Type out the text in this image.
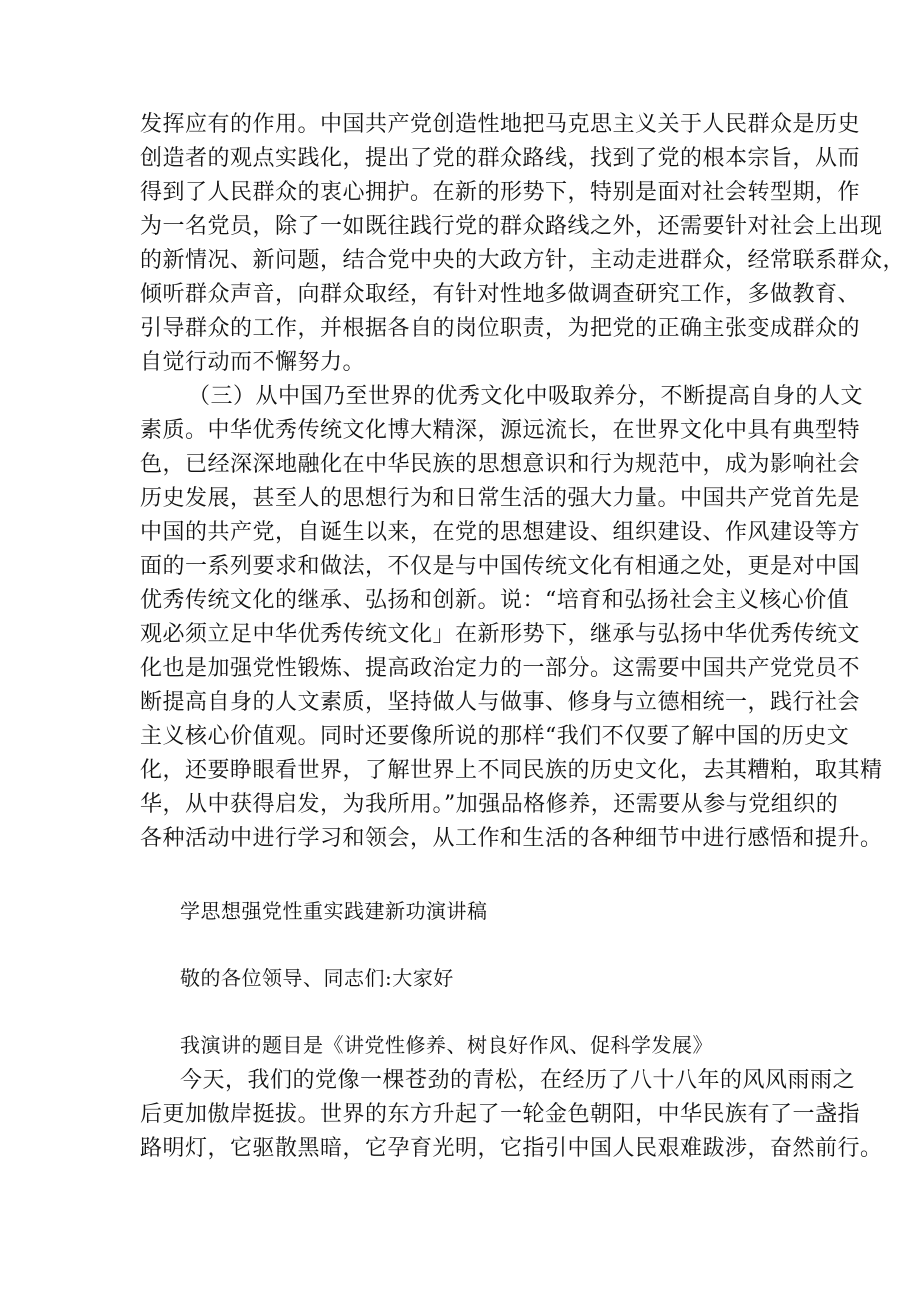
发挥应有的作用。中国共产党创造性地把马克思主义关于人民群众是历史
创造者的观点实践化，提出了党的群众路线，找到了党的根本宗旨，从而
得到了人民群众的衷心拥护。在新的形势下，特别是面对社会转型期，作
为一名党员，除了一如既往践行党的群众路线之外，还需要针对社会上出现
的新情况、新问题，结合党中央的大政方针，主动走进群众，经常联系群众，
倾听群众声音，向群众取经，有针对性地多做调查研究工作，多做教育、
引导群众的工作，并根据各自的岗位职责，为把党的正确主张变成群众的
自觉行动而不懈努力。
（三）从中国乃至世界的优秀文化中吸取养分，不断提高自身的人文
素质。中华优秀传统文化博大精深，源远流长，在世界文化中具有典型特
色，已经深深地融化在中华民族的思想意识和行为规范中，成为影响社会
历史发展，甚至人的思想行为和日常生活的强大力量。中国共产党首先是
中国的共产党，自诞生以来，在党的思想建设、组织建设、作风建设等方
面的一系列要求和做法，不仅是与中国传统文化有相通之处，更是对中国
优秀传统文化的继承、弘扬和创新。说：“培育和弘扬社会主义核心价值
观必须立足中华优秀传统文化」在新形势下，继承与弘扬中华优秀传统文
化也是加强党性锻炼、提高政治定力的一部分。这需要中国共产党党员不
断提高自身的人文素质，坚持做人与做事、修身与立德相统一，践行社会
主义核心价值观。同时还要像所说的那样“我们不仅要了解中国的历史文
化，还要睁眼看世界，了解世界上不同民族的历史文化，去其糟粕，取其精
华，从中获得启发，为我所用。”加强品格修养，还需要从参与党组织的
各种活动中进行学习和领会，从工作和生活的各种细节中进行感悟和提升。

学思想强党性重实践建新功演讲稿

敬的各位领导、同志们:大家好

我演讲的题目是《讲党性修养、树良好作风、促科学发展》

今天，我们的党像一棵苍劲的青松，在经历了八十八年的风风雨雨之
后更加傲岸挺拔。世界的东方升起了一轮金色朝阳，中华民族有了一盏指
路明灯，它驱散黑暗，它孕育光明，它指引中国人民艰难跋涉，奋然前行。
